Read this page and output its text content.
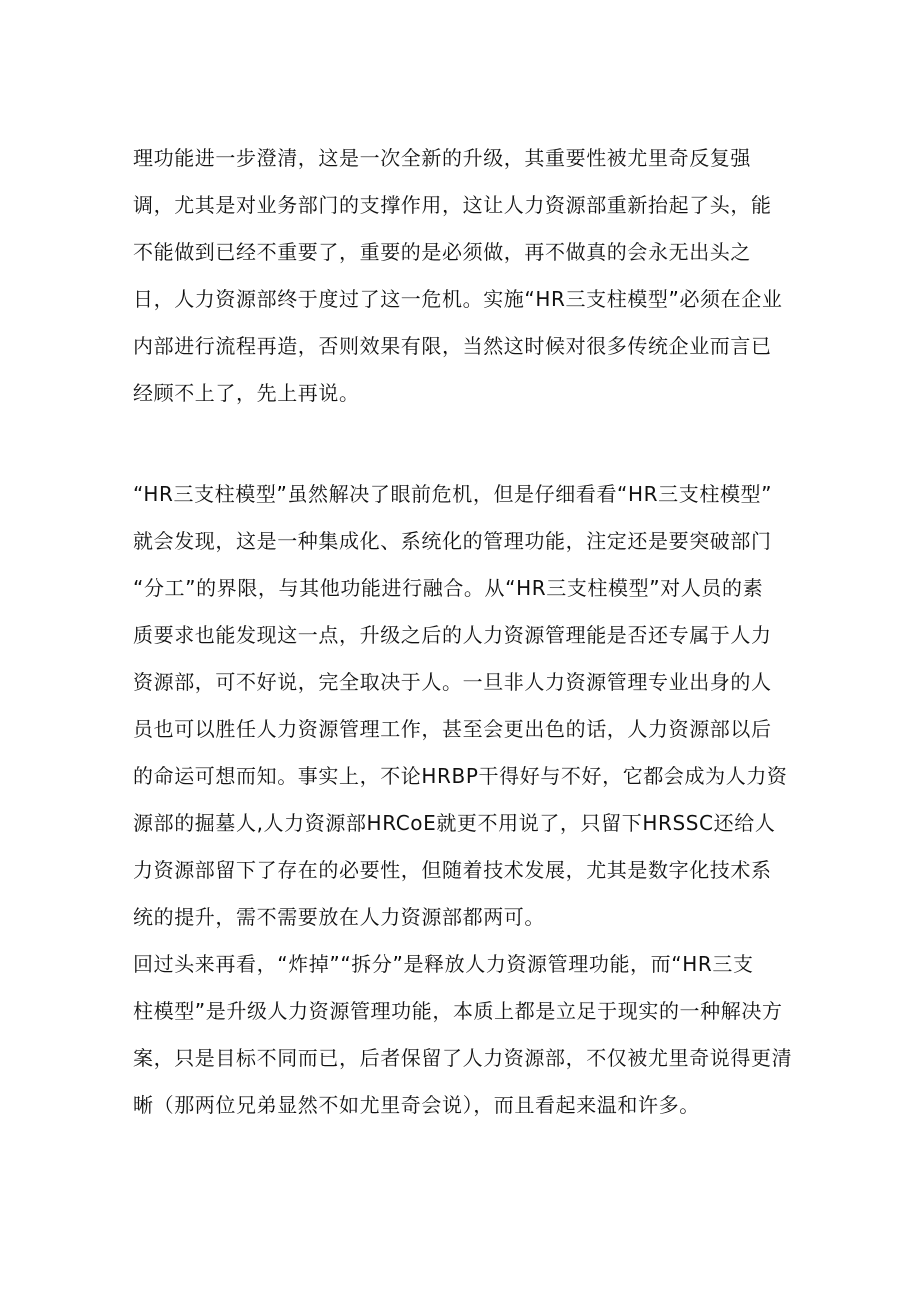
理功能进一步澄清，这是一次全新的升级，其重要性被尤里奇反复强
调，尤其是对业务部门的支撑作用，这让人力资源部重新抬起了头，能
不能做到已经不重要了，重要的是必须做，再不做真的会永无出头之
日，人力资源部终于度过了这一危机。实施“HR三支柱模型”必须在企业
内部进行流程再造，否则效果有限，当然这时候对很多传统企业而言已
经顾不上了，先上再说。
“HR三支柱模型”虽然解决了眼前危机，但是仔细看看“HR三支柱模型”
就会发现，这是一种集成化、系统化的管理功能，注定还是要突破部门
“分工”的界限，与其他功能进行融合。从“HR三支柱模型”对人员的素
质要求也能发现这一点，升级之后的人力资源管理能是否还专属于人力
资源部，可不好说，完全取决于人。一旦非人力资源管理专业出身的人
员也可以胜任人力资源管理工作，甚至会更出色的话，人力资源部以后
的命运可想而知。事实上，不论HRBP干得好与不好，它都会成为人力资
源部的掘墓人,人力资源部HRCoE就更不用说了，只留下HRSSC还给人
力资源部留下了存在的必要性，但随着技术发展，尤其是数字化技术系
统的提升，需不需要放在人力资源部都两可。
回过头来再看，“炸掉”“拆分”是释放人力资源管理功能，而“HR三支
柱模型”是升级人力资源管理功能，本质上都是立足于现实的一种解决方
案，只是目标不同而已，后者保留了人力资源部，不仅被尤里奇说得更清
晰（那两位兄弟显然不如尤里奇会说），而且看起来温和许多。
